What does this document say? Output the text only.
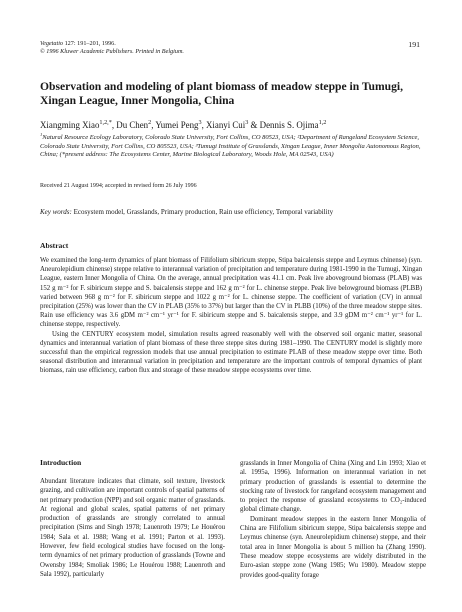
Vegetatio 127: 191–201, 1996.
© 1996 Kluwer Academic Publishers. Printed in Belgium.
191
Observation and modeling of plant biomass of meadow steppe in Tumugi, Xingan League, Inner Mongolia, China
Xiangming Xiao$^{1,2,*}$, Du Chen$^2$, Yumei Peng$^3$, Xianyi Cui$^3$ & Dennis S. Ojima$^{1,2}$
$^1$Natural Resource Ecology Laboratory, Colorado State University, Fort Collins, CO 80523, USA; ²Department of Rangeland Ecosystem Science, Colorado State University, Fort Collins, CO 805523, USA; ³Tumugi Institute of Grasslands, Xingan League, Inner Mongolia Autonomous Region, China; (*present address: The Ecosystems Center, Marine Biological Laboratory, Woods Hole, MA 02543, USA)
Received 21 August 1994; accepted in revised form 26 July 1996
Key words: Ecosystem model, Grasslands, Primary production, Rain use efficiency, Temporal variability
Abstract

We examined the long-term dynamics of plant biomass of Filifolium sibiricum steppe, Stipa baicalensis steppe and Leymus chinense) (syn. Aneurolepidium chinense) steppe relative to interannual variation of precipitation and temperature during 1981-1990 in the Tumugi, Xingan League, eastern Inner Mongolia of China. On the average, annual precipitation was 41.1 cm. Peak live aboveground biomass (PLAB) was 152 g m⁻² for F. sibiricum steppe and S. baicalensis steppe and 162 g m⁻² for L. chinense steppe. Peak live belowground biomass (PLBB) varied between 968 g m⁻² for F. sibiricum steppe and 1022 g m⁻² for L. chinense steppe. The coefficient of variation (CV) in annual precipitation (25%) was lower than the CV in PLAB (35% to 37%) but larger than the CV in PLBB (10%) of the three meadow steppe sites. Rain use efficiency was 3.6 gDM m⁻² cm⁻¹ yr⁻¹ for F. sibiricum steppe and S. baicalensis steppe, and 3.9 gDM m⁻² cm⁻¹ yr⁻¹ for L. chinense steppe, respectively.

Using the CENTURY ecosystem model, simulation results agreed reasonably well with the observed soil organic matter, seasonal dynamics and interannual variation of plant biomass of these three steppe sites during 1981–1990. The CENTURY model is slightly more successful than the empirical regression models that use annual precipitation to estimate PLAB of these meadow steppe over time. Both seasonal distribution and interannual variation in precipitation and temperature are the important controls of temporal dynamics of plant biomass, rain use efficiency, carbon flux and storage of these meadow steppe ecosystems over time.

Introduction

Abundant literature indicates that climate, soil texture, livestock grazing, and cultivation are important controls of spatial patterns of net primary production (NPP) and soil organic matter of grasslands. At regional and global scales, spatial patterns of net primary production of grasslands are strongly correlated to annual precipitation (Sims and Singh 1978; Lauenroth 1979; Le Houérou 1984; Sala et al. 1988; Wang et al. 1991; Parton et al. 1993). However, few field ecological studies have focused on the long-term dynamics of net primary production of grasslands (Towne and Owensby 1984; Smoliak 1986; Le Houérou 1988; Lauenroth and Sala 1992), particularly

grasslands in Inner Mongolia of China (Xing and Lin 1993; Xiao et al. 1995a, 1996). Information on interannual variation in net primary production of grasslands is essential to determine the stocking rate of livestock for rangeland ecosystem management and to project the response of grassland ecosystems to CO₂-induced global climate change.

Dominant meadow steppes in the eastern Inner Mongolia of China are Filifolium sibiricum steppe, Stipa baicalensis steppe and Leymus chinense (syn. Aneurolepidium chinense) steppe, and their total area in Inner Mongolia is about 5 million ha (Zhang 1990). These meadow steppe ecosystems are widely distributed in the Euro-asian steppe zone (Wang 1985; Wu 1980). Meadow steppe provides good-quality forage
